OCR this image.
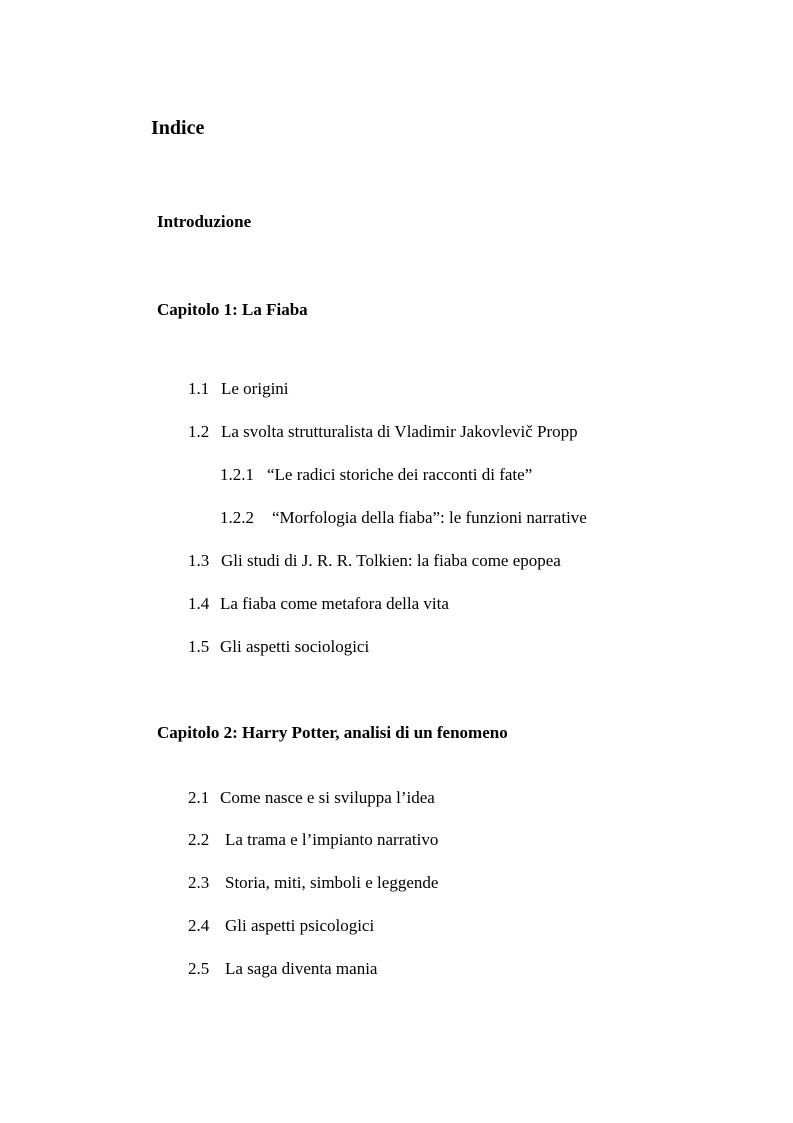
Indice
Introduzione
Capitolo 1: La Fiaba
1.1 Le origini
1.2 La svolta strutturalista di Vladimir Jakovlevič Propp
1.2.1 “Le radici storiche dei racconti di fate”
1.2.2 “Morfologia della fiaba”: le funzioni narrative
1.3 Gli studi di J. R. R. Tolkien: la fiaba come epopea
1.4 La fiaba come metafora della vita
1.5 Gli aspetti sociologici
Capitolo 2: Harry Potter, analisi di un fenomeno
2.1 Come nasce e si sviluppa l’idea
2.2 La trama e l’impianto narrativo
2.3 Storia, miti, simboli e leggende
2.4 Gli aspetti psicologici
2.5 La saga diventa mania
